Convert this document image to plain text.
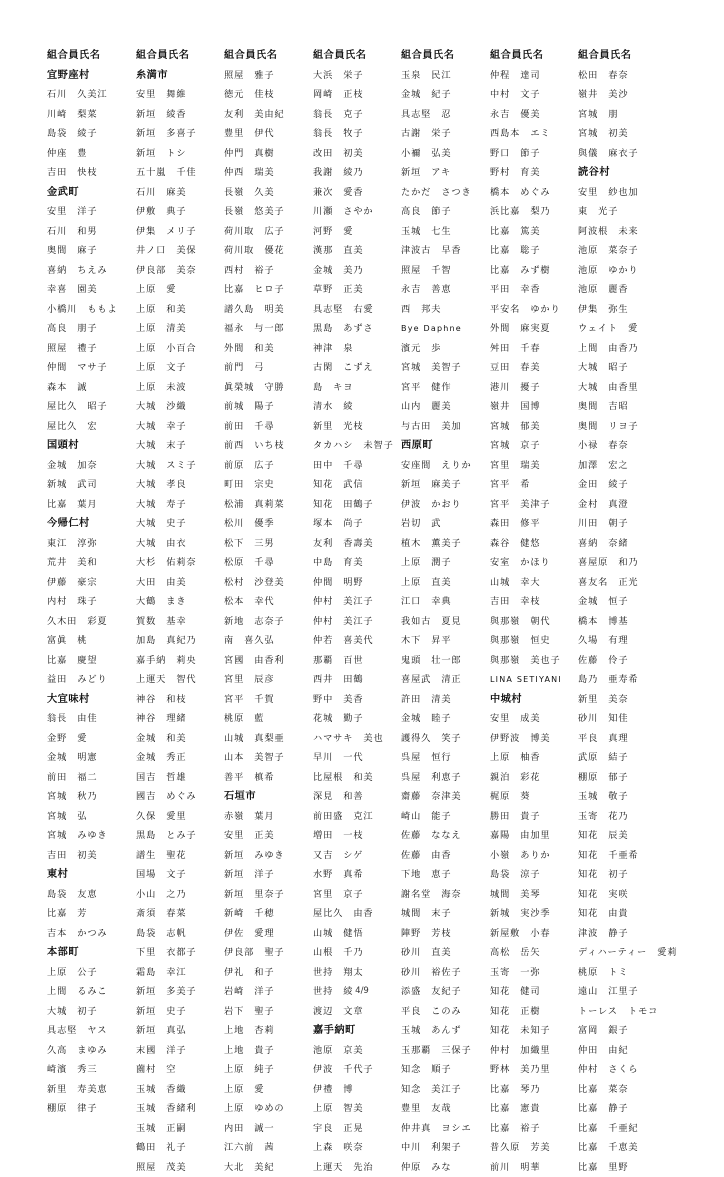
組合員氏名
宜野座村
石川　久美江
川崎　梨菜
島袋　綾子
仲座　豊
吉田　快枝
金武町
安里　洋子
石川　和男
奥間　麻子
喜納　ちえみ
幸喜　園美
小橋川　ももよ
高良　朋子
照屋　禮子
仲間　マサ子
森本　誠
屋比久　昭子
屋比久　宏
国頭村
金城　加奈
新城　武司
比嘉　葉月
今帰仁村
東江　淳弥
荒井　美和
伊藤　豪宗
内村　珠子
久木田　彩夏
富眞　桃
比嘉　慶望
益田　みどり
大宜味村
翁長　由佳
金野　愛
金城　明憲
前田　福二
宮城　秋乃
宮城　弘
宮城　みゆき
吉田　初美
東村
島袋　友恵
比嘉　芳
吉本　かつみ
本部町
上原　公子
上間　るみこ
大城　初子
具志堅　ヤス
久高　まゆみ
崎濱　秀三
新里　寿美恵
棚原　律子
組合員氏名
糸満市
安里　舞維
新垣　綾香
新垣　多喜子
新垣　トシ
五十嵐　千佳
石川　麻美
伊敷　典子
伊集　メリ子
井ノ口　美保
伊良部　美奈
上原　愛
上原　和美
上原　清美
上原　小百合
上原　文子
上原　未波
大城　沙織
大城　幸子
大城　末子
大城　スミ子
大城　孝良
大城　寿子
大城　史子
大城　由衣
大杉　佑莉奈
大田　由美
大鶴　まき
賀数　基幸
加島　真紀乃
嘉手納　莉央
上運天　智代
神谷　和枝
神谷　理緒
金城　和美
金城　秀正
国吉　哲雄
國吉　めぐみ
久保　愛里
黒島　とみ子
譜生　聖花
国場　文子
小山　之乃
斎須　春菜
島袋　志帆
下里　衣都子
霜島　幸江
新垣　多美子
新垣　史子
新垣　真弘
末國　洋子
薗村　空
玉城　香織
玉城　香緒利
玉城　正嗣
鶴田　礼子
照屋　茂美
組合員氏名
照屋　雅子
徳元　佳枝
友利　美由紀
豊里　伊代
仲門　真樹
仲西　瑞美
長嶺　久美
長嶺　悠美子
荷川取　広子
荷川取　優花
西村　裕子
比嘉　ヒロ子
譜久島　明美
福永　与一郎
外間　和美
前門　弓
眞榮城　守勝
前城　陽子
前田　千尋
前西　いち枝
前原　広子
町田　宗史
松浦　真莉菜
松川　優季
松下　三男
松原　千尋
松村　沙登美
松本　幸代
新地　志奈子
南　喜久弘
宮國　由香利
宮里　辰彦
宮平　千賀
桃原　藍
山城　真梨亜
山本　美智子
善平　槙希
石垣市
赤嶺　葉月
安里　正美
新垣　みゆき
新垣　洋子
新垣　里奈子
新崎　千穂
伊佐　愛理
伊良部　聖子
伊礼　和子
岩崎　洋子
岩下　聖子
上地　杏莉
上地　貴子
上原　純子
上原　愛
上原　ゆめの
内田　誠一
江六前　茜
大北　美紀
組合員氏名
大浜　栄子
岡崎　正枝
翁長　克子
翁長　牧子
改田　初美
我謝　綾乃
兼次　愛香
川瀬　さやか
河野　愛
漢那　直美
金城　美乃
草野　正美
具志堅　右愛
黒島　あずさ
神津　泉
古閑　こずえ
島　キヨ
清水　綾
新里　光枝
タカハシ　未智子
田中　千尋
知花　武信
知花　田鶴子
塚本　尚子
友利　香壽美
中島　育美
仲間　明野
仲村　美江子
仲村　美江子
仲若　喜美代
那覇　百世
西井　田鶴
野中　美香
花城　勤子
ハマサキ　美也
早川　一代
比屋根　和美
深見　和善
前田盛　克江
増田　一枝
又吉　シゲ
水野　真希
宮里　京子
屋比久　由香
山城　健悟
山根　千乃
世持　翔太
世持　綾
渡辺　文章
嘉手納町
池原　京美
伊波　千代子
伊禮　博
上原　智美
宇良　正晃
上森　咲奈
上運天　先治
組合員氏名
玉泉　民江
金城　紀子
具志堅　忍
古謝　栄子
小禰　弘美
新垣　アキ
たかだ　さつき
高良　節子
玉城　七生
津波古　早香
照屋　千智
永吉　善恵
西　邦夫
Bye Daphne
濱元　歩
宮城　美智子
宮平　健作
山内　麗美
与古田　美加
西原町
安座間　えりか
新垣　麻美子
伊波　かおり
岩切　武
植木　薫美子
上原　潤子
上原　直美
江口　幸典
我如古　夏見
木下　昇平
鬼頭　壮一郎
喜屋武　清正
許田　清美
金城　睦子
護得久　笑子
呉屋　恒行
呉屋　利恵子
齋藤　奈津美
崎山　能子
佐藤　ななえ
佐藤　由香
下地　恵子
謝名堂　海奈
城間　末子
陣野　芳枝
砂川　直美
砂川　裕佐子
添盛　友紀子
平良　このみ
玉城　あんず
玉那覇　三保子
知念　順子
知念　美江子
豊里　友哉
仲井真　ヨシエ
中川　利架子
仲原　みな
組合員氏名
仲程　達司
中村　文子
永吉　優美
西島本　エミ
野口　節子
野村　育美
橋本　めぐみ
浜比嘉　梨乃
比嘉　篤美
比嘉　聡子
比嘉　みず樹
平田　幸香
平安名　ゆかり
外間　麻実夏
舛田　千春
豆田　春美
港川　擾子
嶺井　国博
宮城　郁美
宮城　京子
宮里　瑞美
宮平　希
宮平　美津子
森田　修平
森谷　健悠
安室　かほり
山城　幸大
吉田　幸枝
與那嶺　朝代
與那嶺　恒史
與那嶺　美也子
LINA SETIYANI
中城村
安里　成美
伊野波　博美
上原　柚香
親泊　彩花
梶原　葵
勝田　貴子
嘉陽　由加里
小嶺　ありか
島袋　涼子
城間　美琴
新城　実沙季
新屋敷　小春
高松　岳矢
玉寄　一弥
知花　健司
知花　正樹
知花　未知子
仲村　加織里
野林　美乃里
比嘉　琴乃
比嘉　憲貴
比嘉　裕子
普久原　芳美
前川　明華
組合員氏名
松田　春奈
嶺井　美沙
宮城　朋
宮城　初美
與儀　麻衣子
読谷村
安里　紗也加
東　光子
阿波根　未来
池原　菜奈子
池原　ゆかり
池原　麗香
伊集　弥生
ウェイト　愛
上間　由香乃
大城　昭子
大城　由香里
奥間　吉昭
奥間　リヨ子
小禄　春奈
加澤　宏之
金田　綾子
金村　真澄
川田　朝子
喜納　奈緒
喜屋原　和乃
喜友名　正光
金城　恒子
橋本　博基
久場　有理
佐藤　伶子
島乃　亜寿希
新里　美奈
砂川　知佳
平良　真理
武原　結子
棚原　郁子
玉城　敬子
玉寄　花乃
知花　辰美
知花　千亜希
知花　初子
知花　実咲
知花　由貴
津波　静子
ディハーティー　愛莉
桃原　トミ
遠山　江里子
トーレス　トモコ
富岡　銀子
仲田　由紀
仲村　さくら
比嘉　菜奈
比嘉　静子
比嘉　千亜紀
比嘉　千恵美
比嘉　里野
4/9
